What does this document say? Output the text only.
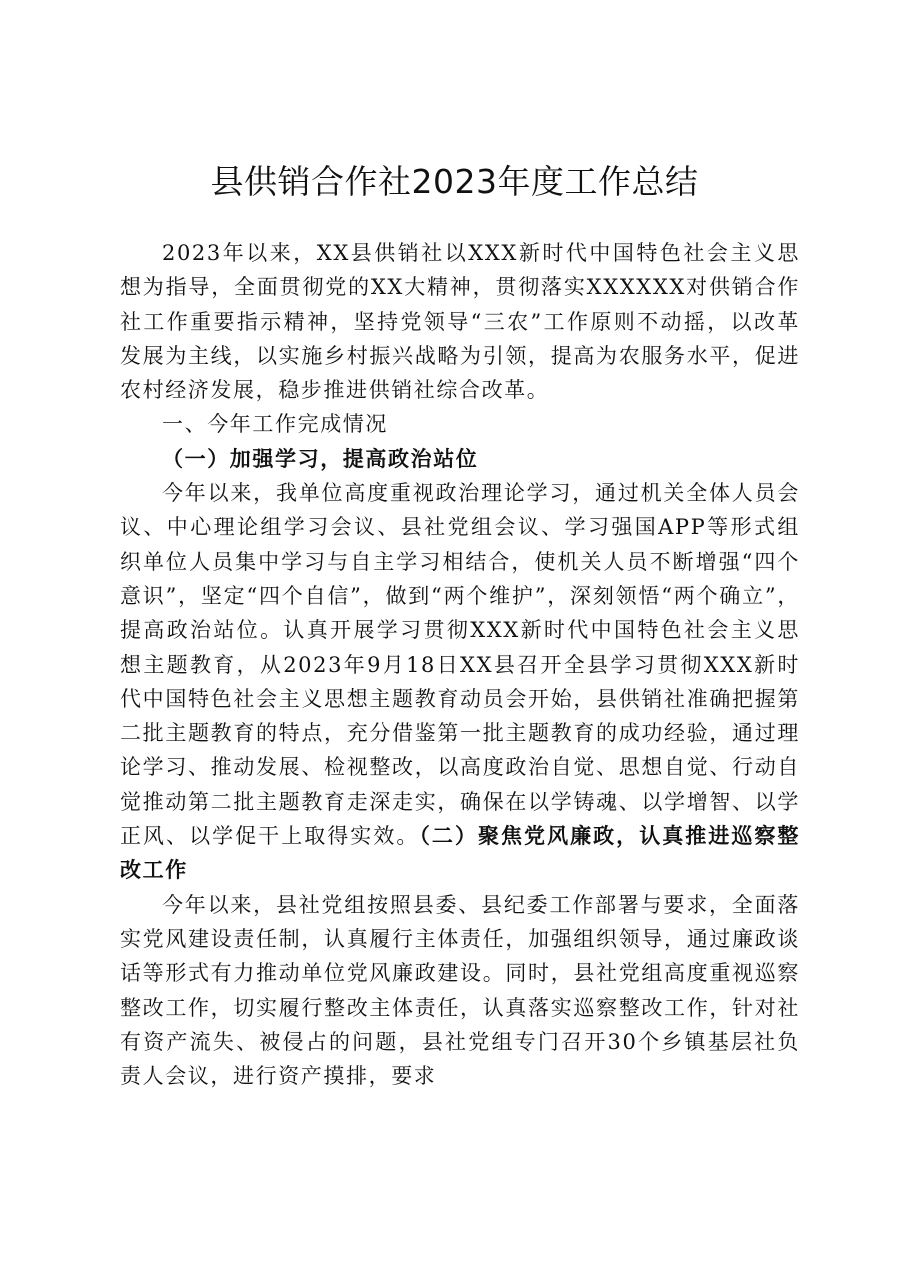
县供销合作社2023年度工作总结

2023年以来，XX县供销社以XXX新时代中国特色社会主义思想为指导，全面贯彻党的XX大精神，贯彻落实XXXXXX对供销合作社工作重要指示精神，坚持党领导“三农”工作原则不动摇，以改革发展为主线，以实施乡村振兴战略为引领，提高为农服务水平，促进农村经济发展，稳步推进供销社综合改革。

一、今年工作完成情况

（一）加强学习，提高政治站位

今年以来，我单位高度重视政治理论学习，通过机关全体人员会议、中心理论组学习会议、县社党组会议、学习强国APP等形式组织单位人员集中学习与自主学习相结合，使机关人员不断增强“四个意识”，坚定“四个自信”，做到“两个维护”，深刻领悟“两个确立”，提高政治站位。认真开展学习贯彻XXX新时代中国特色社会主义思想主题教育，从2023年9月18日XX县召开全县学习贯彻XXX新时代中国特色社会主义思想主题教育动员会开始，县供销社准确把握第二批主题教育的特点，充分借鉴第一批主题教育的成功经验，通过理论学习、推动发展、检视整改，以高度政治自觉、思想自觉、行动自觉推动第二批主题教育走深走实，确保在以学铸魂、以学增智、以学正风、以学促干上取得实效。（二）聚焦党风廉政，认真推进巡察整改工作

今年以来，县社党组按照县委、县纪委工作部署与要求，全面落实党风建设责任制，认真履行主体责任，加强组织领导，通过廉政谈话等形式有力推动单位党风廉政建设。同时，县社党组高度重视巡察整改工作，切实履行整改主体责任，认真落实巡察整改工作，针对社有资产流失、被侵占的问题，县社党组专门召开30个乡镇基层社负责人会议，进行资产摸排，要求
